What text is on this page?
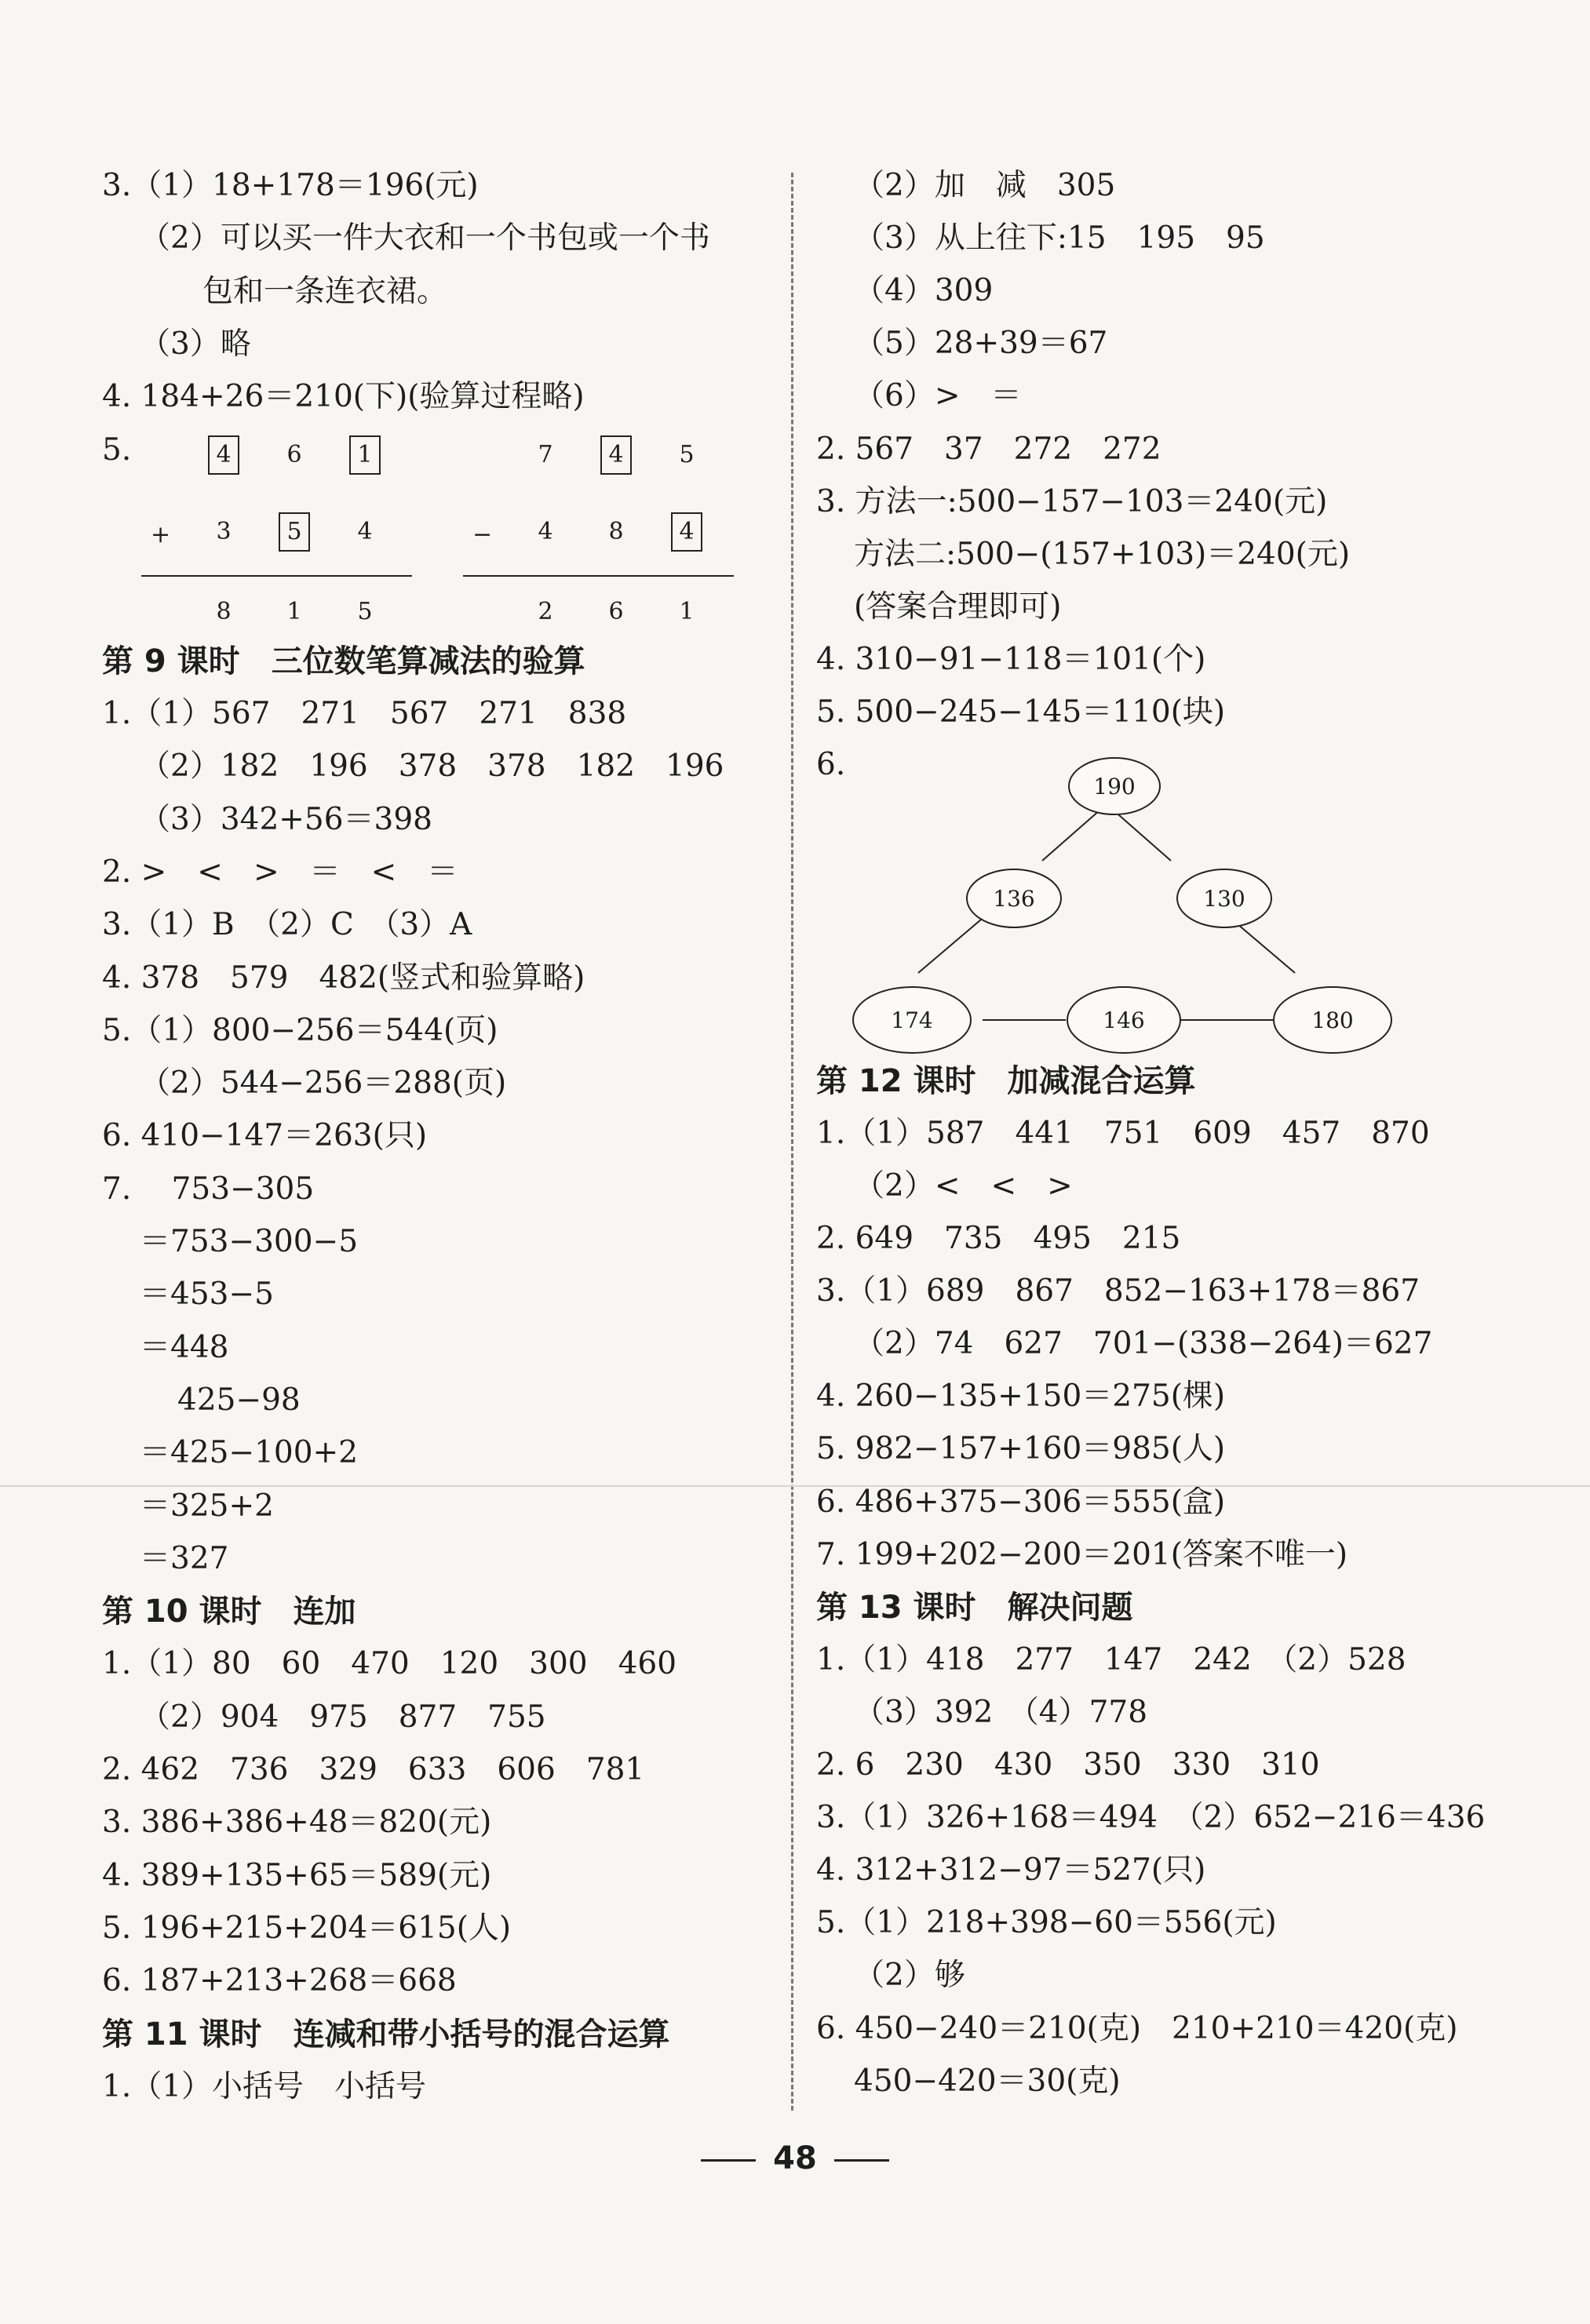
3.（1）18+178＝196(元)
（2）可以买一件大衣和一个书包或一个书
包和一条连衣裙。
（3）略
4. 184+26＝210(下)(验算过程略)
5.
第 9 课时　 三位数笔算减法的验算
1.（1）567　271　567　271　838
（2）182　196　378　378　182　196
（3）342+56＝398
2. >　<　>　＝　<　＝
3.（1）B　（2）C　（3）A
4. 378　579　482(竖式和验算略)
5.（1）800−256＝544(页)
（2）544−256＝288(页)
6. 410−147＝263(只)
7. 　753−305
＝753−300−5
＝453−5
＝448
425−98
＝425−100+2
＝325+2
＝327
第 10 课时　 连加
1.（1）80　60　470　120　300　460
（2）904　975　877　755
2. 462　736　329　633　606　781
3. 386+386+48＝820(元)
4. 389+135+65＝589(元)
5. 196+215+204＝615(人)
6. 187+213+268＝668
第 11 课时　 连减和带小括号的混合运算
1.（1）小括号　小括号
（2）加　减　305
（3）从上往下:15　195　95
（4）309
（5）28+39＝67
（6）>　＝
2. 567　37　272　272
3. 方法一:500−157−103＝240(元)
方法二:500−(157+103)＝240(元)
(答案合理即可)
4. 310−91−118＝101(个)
5. 500−245−145＝110(块)
6.
第 12 课时　 加减混合运算
1.（1）587　441　751　609　457　870
（2）<　<　>
2. 649　735　495　215
3.（1）689　867　852−163+178＝867
（2）74　627　701−(338−264)＝627
4. 260−135+150＝275(棵)
5. 982−157+160＝985(人)
6. 486+375−306＝555(盒)
7. 199+202−200＝201(答案不唯一)
第 13 课时　 解决问题
1.（1）418　277　147　242　（2）528
（3）392　（4）778
2. 6　230　430　350　330　310
3.（1）326+168＝494　（2）652−216＝436
4. 312+312−97＝527(只)
5.（1）218+398−60＝556(元)
（2）够
6. 450−240＝210(克)　210+210＝420(克)
450−420＝30(克)
4	6	1
3	5	4
8	1	5
+
7	4	5
4	8	4
2	6	1
−
190
136	130
174	146	180
48
